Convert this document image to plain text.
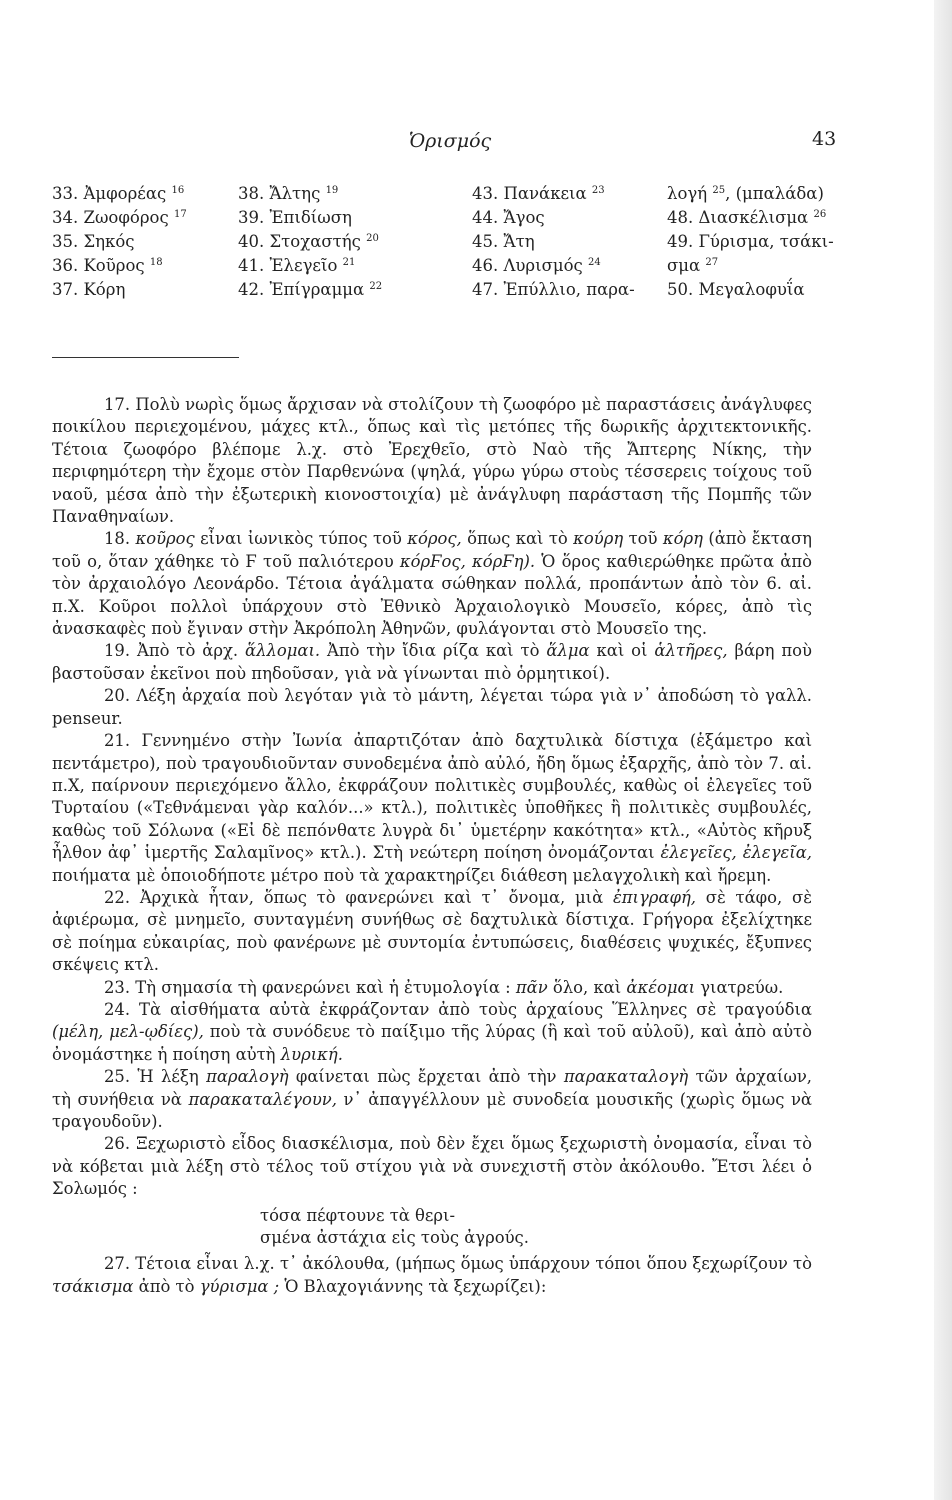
Ὁρισμός	43
33. Ἀμφορέας $^{16}$
34. Ζωοφόρος $^{17}$
35. Σηκός
36. Κοῦρος $^{18}$
37. Κόρη
38. Ἄλτης $^{19}$
39. Ἐπιδίωση
40. Στοχαστής $^{20}$
41. Ἐλεγεῖο $^{21}$
42. Ἐπίγραμμα $^{22}$
43. Πανάκεια $^{23}$
44. Ἄγος
45. Ἄτη
46. Λυρισμός $^{24}$
47. Ἐπύλλιο, παρα-
λογή $^{25}$, (μπαλάδα)
48. Διασκέλισμα $^{26}$
49. Γύρισμα, τσάκι-
σμα $^{27}$
50. Μεγαλοφυΐα

17. Πολὺ νωρὶς ὅμως ἄρχισαν νὰ στολίζουν τὴ ζωοφόρο μὲ παραστάσεις ἀνάγλυφες ποικίλου περιεχομένου, μάχες κτλ., ὅπως καὶ τὶς μετόπες τῆς δωρικῆς ἀρχιτεκτονικῆς. Τέτοια ζωοφόρο βλέπομε λ.χ. στὸ Ἐρεχθεῖο, στὸ Ναὸ τῆς Ἄπτερης Νίκης, τὴν περιφημότερη τὴν ἔχομε στὸν Παρθενώνα (ψηλά, γύρω γύρω στοὺς τέσσερεις τοίχους τοῦ ναοῦ, μέσα ἀπὸ τὴν ἐξωτερικὴ κιονοστοιχία) μὲ ἀνάγλυφη παράσταση τῆς Πομπῆς τῶν Παναθηναίων.

18. κοῦρος εἶναι ἰωνικὸς τύπος τοῦ κόρος, ὅπως καὶ τὸ κούρη τοῦ κόρη (ἀπὸ ἔκταση τοῦ ο, ὅταν χάθηκε τὸ Ϝ τοῦ παλιότερου κόρϜος, κόρϜη). Ὁ ὅρος καθιερώθηκε πρῶτα ἀπὸ τὸν ἀρχαιολόγο Λεονάρδο. Τέτοια ἀγάλματα σώθηκαν πολλά, προπάντων ἀπὸ τὸν 6. αἰ. π.Χ. Κοῦροι πολλοὶ ὑπάρχουν στὸ Ἐθνικὸ Ἀρχαιολογικὸ Μουσεῖο, κόρες, ἀπὸ τὶς ἀνασκαφὲς ποὺ ἔγιναν στὴν Ἀκρόπολη Ἀθηνῶν, φυλάγονται στὸ Μουσεῖο της.

19. Ἀπὸ τὸ ἀρχ. ἅλλομαι. Ἀπὸ τὴν ἴδια ρίζα καὶ τὸ ἅλμα καὶ οἱ ἁλτῆρες, βάρη ποὺ βαστοῦσαν ἐκεῖνοι ποὺ πηδοῦσαν, γιὰ νὰ γίνωνται πιὸ ὁρμητικοί).

20. Λέξη ἀρχαία ποὺ λεγόταν γιὰ τὸ μάντη, λέγεται τώρα γιὰ ν᾽ ἀποδώση τὸ γαλλ. penseur.

21. Γεννημένο στὴν Ἰωνία ἀπαρτιζόταν ἀπὸ δαχτυλικὰ δίστιχα (ἑξάμετρο καὶ πεντάμετρο), ποὺ τραγουδιοῦνταν συνοδεμένα ἀπὸ αὐλό, ἤδη ὅμως ἐξαρχῆς, ἀπὸ τὸν 7. αἰ. π.Χ, παίρνουν περιεχόμενο ἄλλο, ἐκφράζουν πολιτικὲς συμβουλές, καθὼς οἱ ἐλεγεῖες τοῦ Τυρταίου («Τεθνάμεναι γὰρ καλόν...» κτλ.), πολιτικὲς ὑποθῆκες ἢ πολιτικὲς συμβουλές, καθὼς τοῦ Σόλωνα («Εἰ δὲ πεπόνθατε λυγρὰ δι᾽ ὑμετέρην κακότητα» κτλ., «Αὐτὸς κῆρυξ ἦλθον ἀφ᾽ ἱμερτῆς Σαλαμῖνος» κτλ.). Στὴ νεώτερη ποίηση ὀνομάζονται ἐλεγεῖες, ἐλεγεῖα, ποιήματα μὲ ὁποιοδήποτε μέτρο ποὺ τὰ χαρακτηρίζει διάθεση μελαγχολικὴ καὶ ἤρεμη.

22. Ἀρχικὰ ἦταν, ὅπως τὸ φανερώνει καὶ τ᾽ ὄνομα, μιὰ ἐπιγραφή, σὲ τάφο, σὲ ἀφιέρωμα, σὲ μνημεῖο, συνταγμένη συνήθως σὲ δαχτυλικὰ δίστιχα. Γρήγορα ἐξελίχτηκε σὲ ποίημα εὐκαιρίας, ποὺ φανέρωνε μὲ συντομία ἐντυπώσεις, διαθέσεις ψυχικές, ἔξυπνες σκέψεις κτλ.

23. Τὴ σημασία τὴ φανερώνει καὶ ἡ ἐτυμολογία : πᾶν ὅλο, καὶ ἀκέομαι γιατρεύω.

24. Τὰ αἰσθήματα αὐτὰ ἐκφράζονταν ἀπὸ τοὺς ἀρχαίους Ἕλληνες σὲ τραγούδια (μέλη, μελ-ῳδίες), ποὺ τὰ συνόδευε τὸ παίξιμο τῆς λύρας (ἢ καὶ τοῦ αὐλοῦ), καὶ ἀπὸ αὐτὸ ὀνομάστηκε ἡ ποίηση αὐτὴ λυρική.

25. Ἡ λέξη παραλογὴ φαίνεται πὼς ἔρχεται ἀπὸ τὴν παρακαταλογὴ τῶν ἀρχαίων, τὴ συνήθεια νὰ παρακαταλέγουν, ν᾽ ἀπαγγέλλουν μὲ συνοδεία μουσικῆς (χωρὶς ὅμως νὰ τραγουδοῦν).

26. Ξεχωριστὸ εἶδος διασκέλισμα, ποὺ δὲν ἔχει ὅμως ξεχωριστὴ ὀνομασία, εἶναι τὸ νὰ κόβεται μιὰ λέξη στὸ τέλος τοῦ στίχου γιὰ νὰ συνεχιστῆ στὸν ἀκόλουθο. Ἔτσι λέει ὁ Σολωμός :

τόσα πέφτουνε τὰ θερι-
σμένα ἀστάχια εἰς τοὺς ἀγρούς.

27. Τέτοια εἶναι λ.χ. τ᾽ ἀκόλουθα, (μήπως ὅμως ὑπάρχουν τόποι ὅπου ξεχωρίζουν τὸ τσάκισμα ἀπὸ τὸ γύρισμα ; Ὁ Βλαχογιάννης τὰ ξεχωρίζει):
